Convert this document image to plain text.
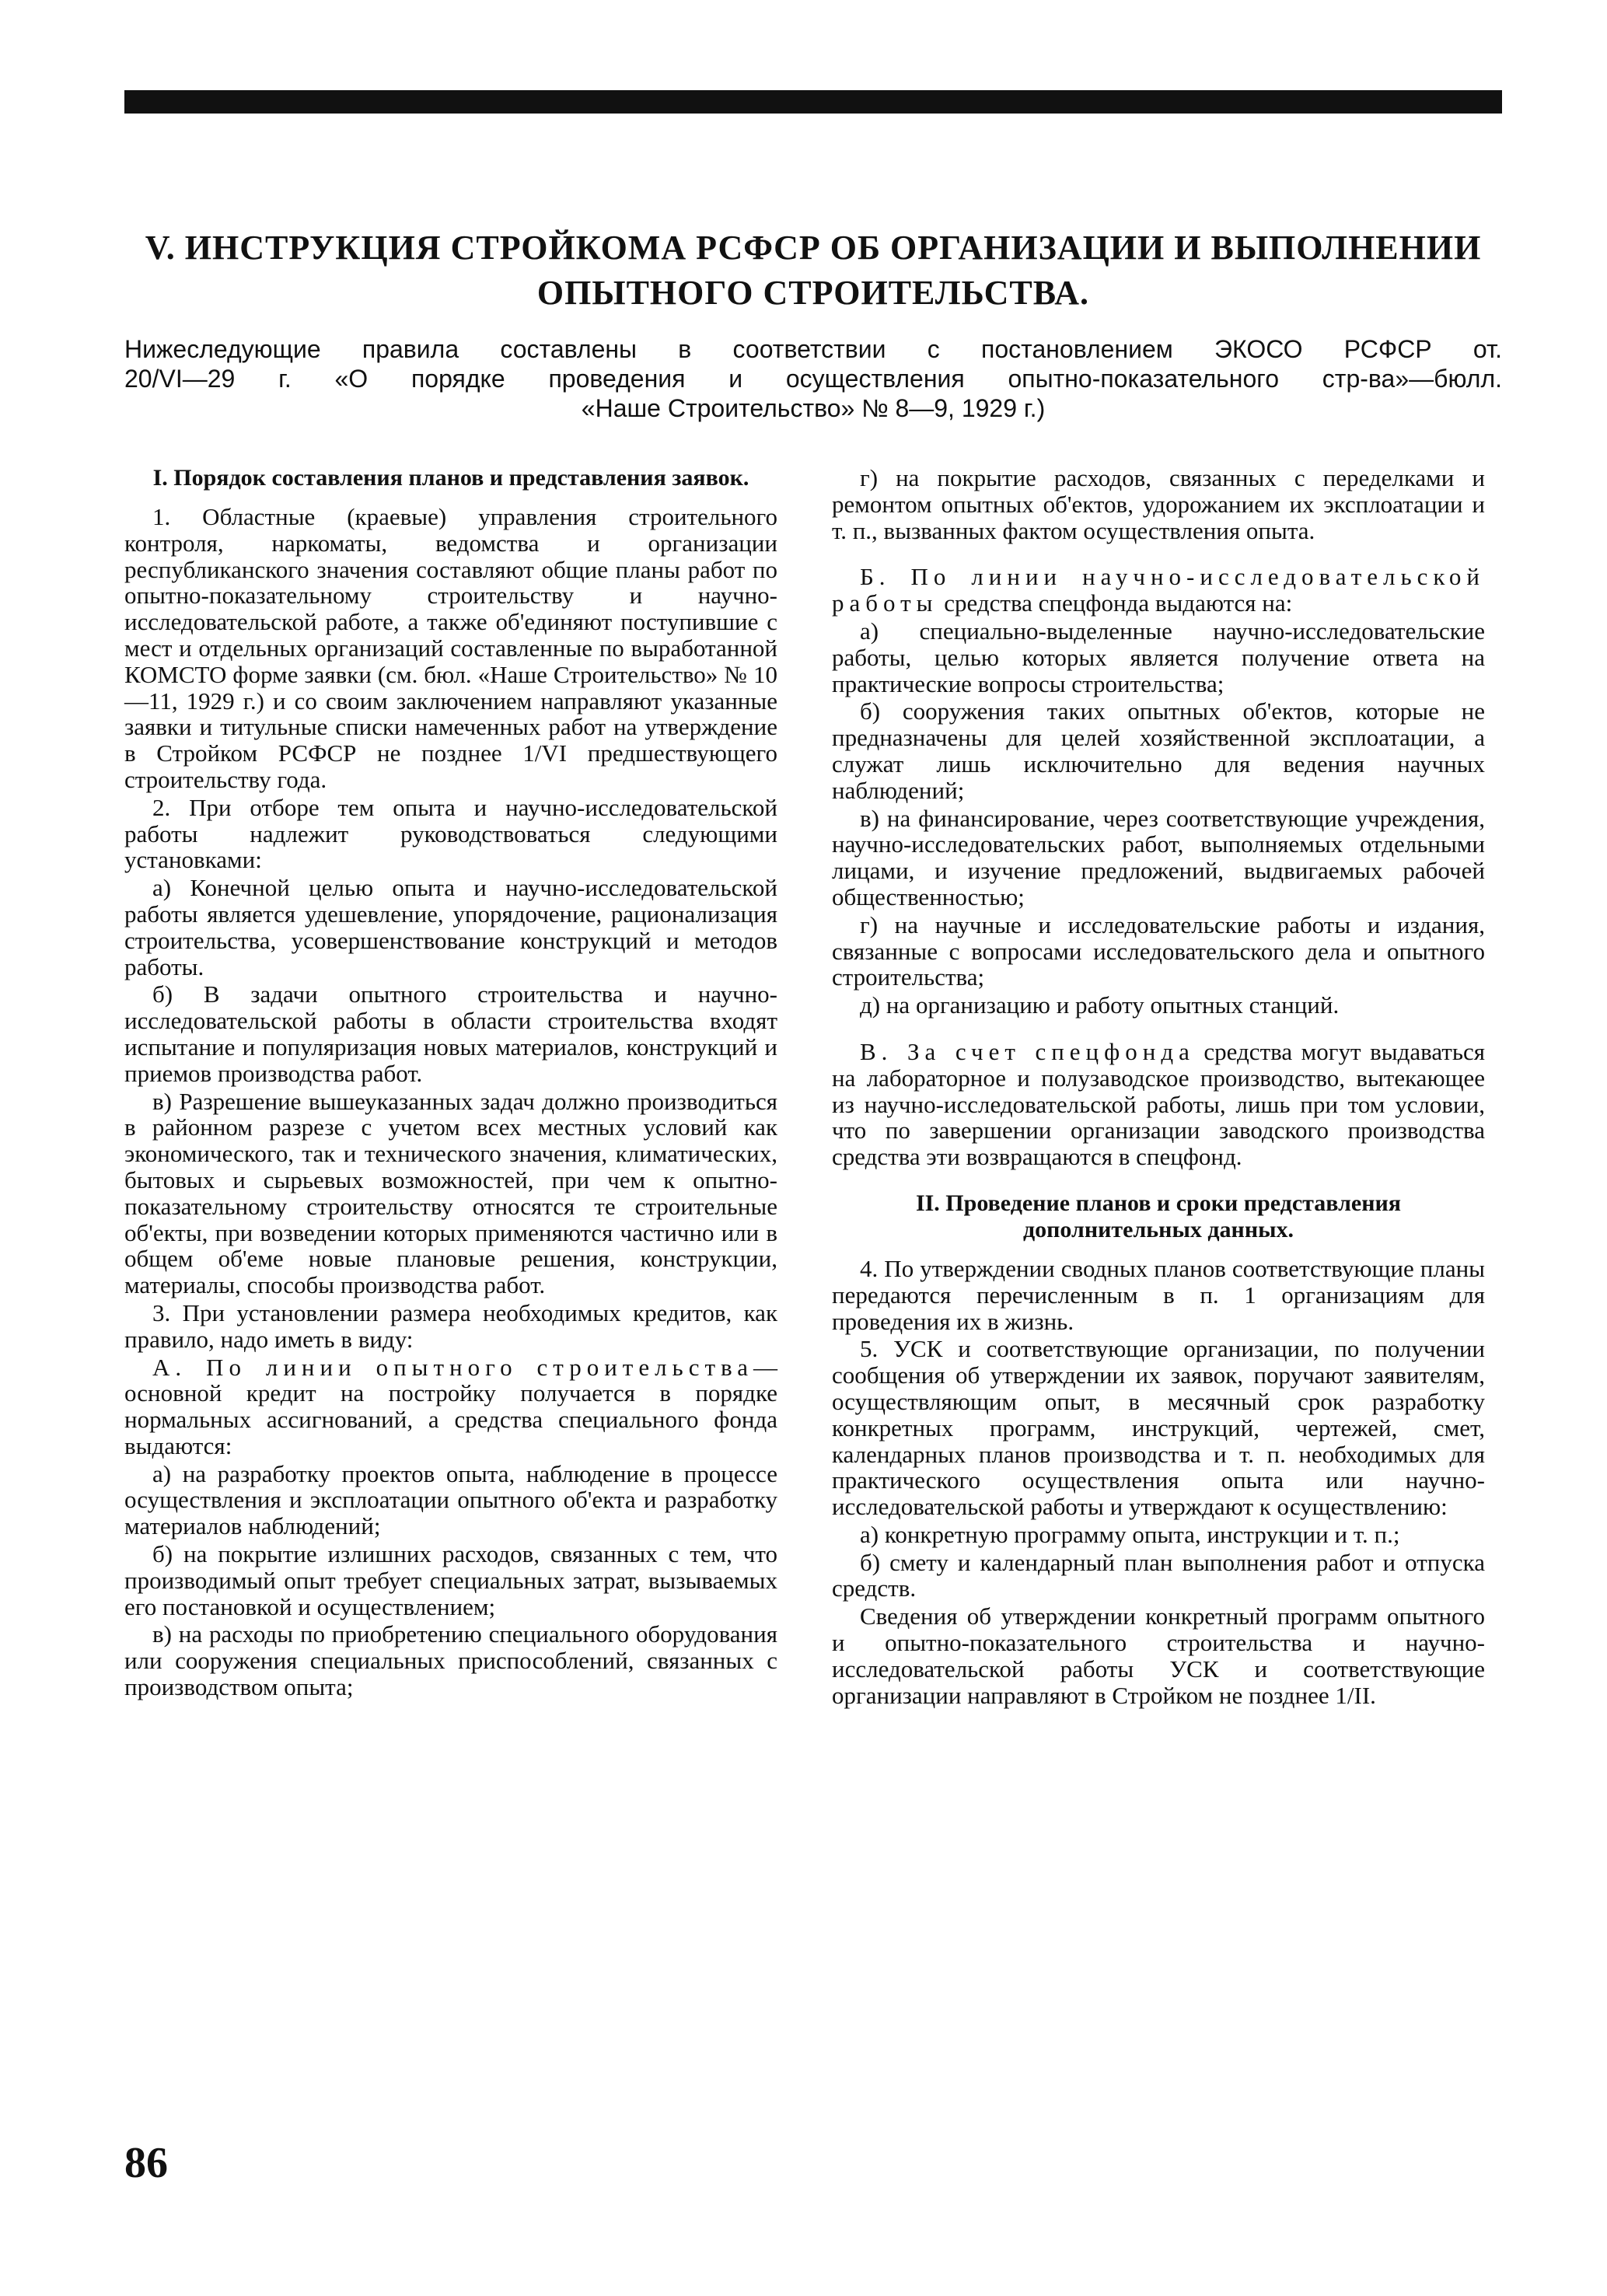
V. ИНСТРУКЦИЯ СТРОЙКОМА РСФСР ОБ ОРГАНИЗАЦИИ И ВЫПОЛНЕНИИ
ОПЫТНОГО СТРОИТЕЛЬСТВА.
Нижеследующие правила составлены в соответствии с постановлением ЭКОСО РСФСР от.
20/VI—29 г. «О порядке проведения и осуществления опытно-показательного стр-ва»—бюлл.
«Наше Строительство» № 8—9, 1929 г.)
I. Порядок составления планов и представления заявок.

1. Областные (краевые) управления строительного контроля, наркоматы, ведомства и организации республиканского значения составляют общие планы работ по опытно-показательному строительству и научно-исследовательской работе, а также об'единяют поступившие с мест и отдельных организаций составленные по выработанной КОМСТО форме заявки (см. бюл. «Наше Строительство» № 10—11, 1929 г.) и со своим заключением направляют указанные заявки и титульные списки намеченных работ на утверждение в Стройком РСФСР не позднее 1/VI предшествующего строительству года.

2. При отборе тем опыта и научно-исследовательской работы надлежит руководствоваться следующими установками:

а) Конечной целью опыта и научно-исследовательской работы является удешевление, упорядочение, рационализация строительства, усовершенствование конструкций и методов работы.

б) В задачи опытного строительства и научно-исследовательской работы в области строительства входят испытание и популяризация новых материалов, конструкций и приемов производства работ.

в) Разрешение вышеуказанных задач должно производиться в районном разрезе с учетом всех местных условий как экономического, так и технического значения, климатических, бытовых и сырьевых возможностей, при чем к опытно-показательному строительству относятся те строительные об'екты, при возведении которых применяются частично или в общем об'еме новые плановые решения, конструкции, материалы, способы производства работ.

3. При установлении размера необходимых кредитов, как правило, надо иметь в виду:

А. По линии опытного строительства—основной кредит на постройку получается в порядке нормальных ассигнований, а средства специального фонда выдаются:

а) на разработку проектов опыта, наблюдение в процессе осуществления и эксплоатации опытного об'екта и разработку материалов наблюдений;

б) на покрытие излишних расходов, связанных с тем, что производимый опыт требует специальных затрат, вызываемых его постановкой и осуществлением;

в) на расходы по приобретению специального оборудования или сооружения специальных приспособлений, связанных с производством опыта;

г) на покрытие расходов, связанных с переделками и ремонтом опытных об'ектов, удорожанием их эксплоатации и т. п., вызванных фактом осуществления опыта.

Б. По линии научно-исследовательской работы средства спецфонда выдаются на:

а) специально-выделенные научно-исследовательские работы, целью которых является получение ответа на практические вопросы строительства;

б) сооружения таких опытных об'ектов, которые не предназначены для целей хозяйственной эксплоатации, а служат лишь исключительно для ведения научных наблюдений;

в) на финансирование, через соответствующие учреждения, научно-исследовательских работ, выполняемых отдельными лицами, и изучение предложений, выдвигаемых рабочей общественностью;

г) на научные и исследовательские работы и издания, связанные с вопросами исследовательского дела и опытного строительства;

д) на организацию и работу опытных станций.

В. За счет спецфонда средства могут выдаваться на лабораторное и полузаводское производство, вытекающее из научно-исследовательской работы, лишь при том условии, что по завершении организации заводского производства средства эти возвращаются в спецфонд.

II. Проведение планов и сроки представления дополнительных данных.

4. По утверждении сводных планов соответствующие планы передаются перечисленным в п. 1 организациям для проведения их в жизнь.

5. УСК и соответствующие организации, по получении сообщения об утверждении их заявок, поручают заявителям, осуществляющим опыт, в месячный срок разработку конкретных программ, инструкций, чертежей, смет, календарных планов производства и т. п. необходимых для практического осуществления опыта или научно-исследовательской работы и утверждают к осуществлению:

а) конкретную программу опыта, инструкции и т. п.;

б) смету и календарный план выполнения работ и отпуска средств.

Сведения об утверждении конкретный программ опытного и опытно-показательного строительства и научно-исследовательской работы УСК и соответствующие организации направляют в Стройком не позднее 1/II.

86
